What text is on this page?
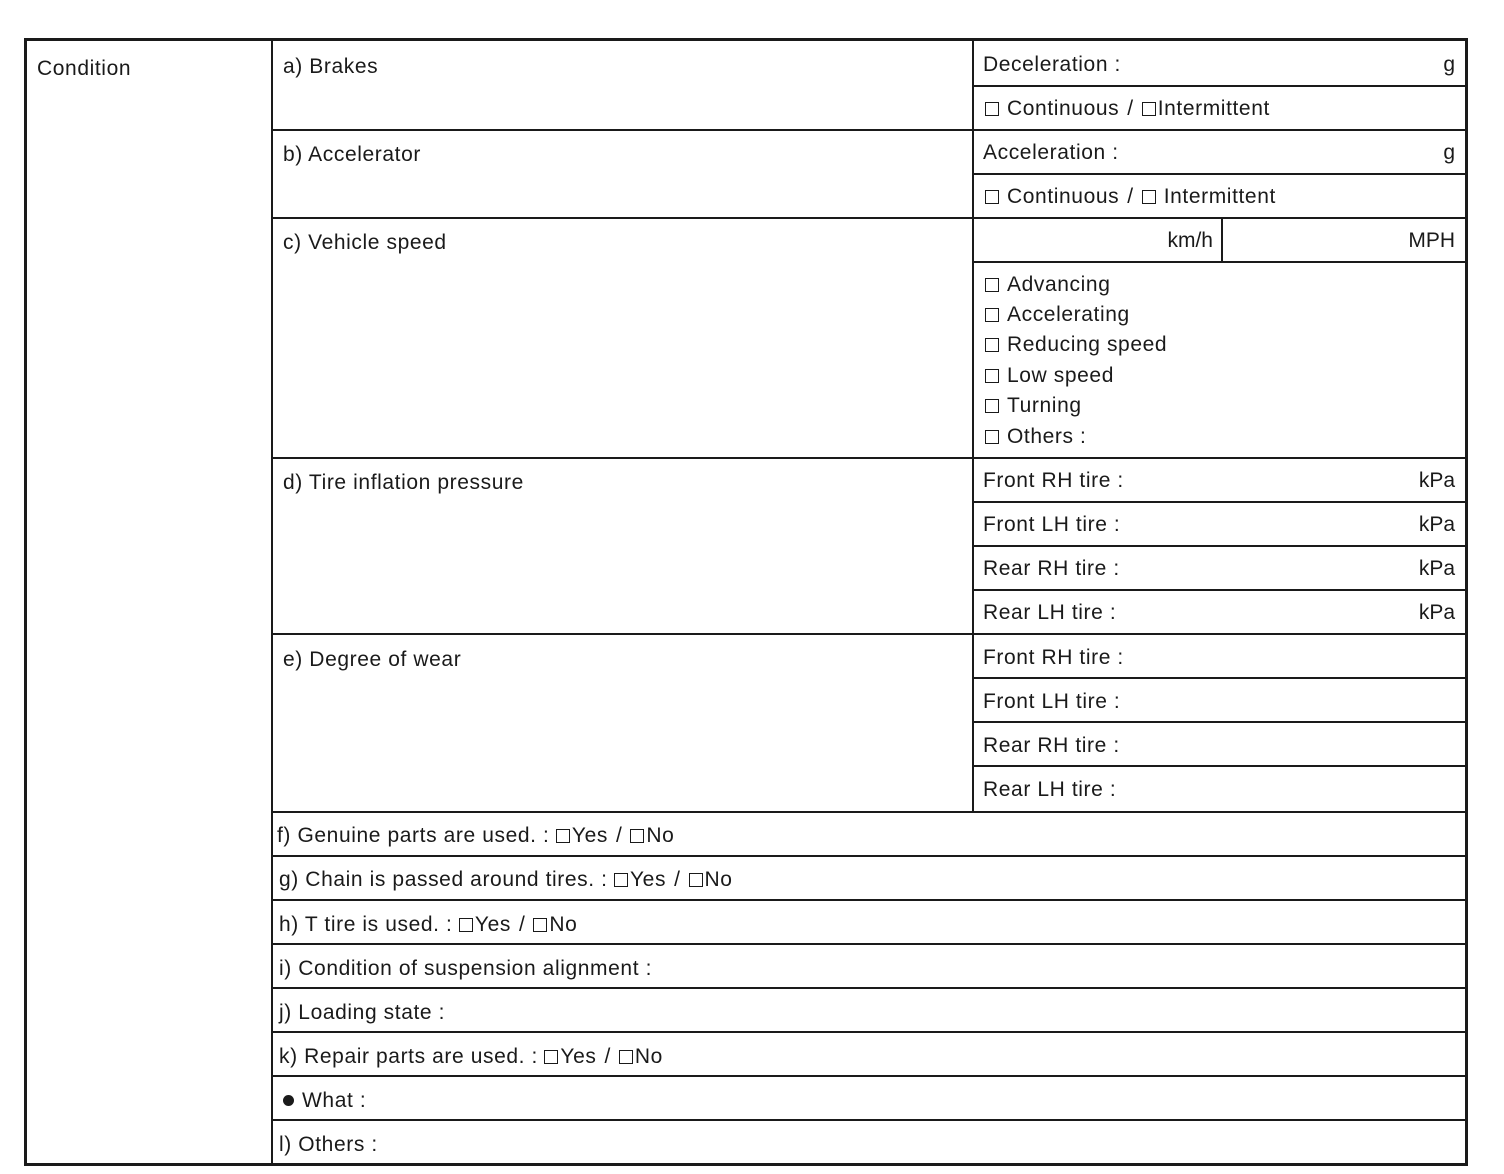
Condition	a) Brakes	Deceleration :	g
Continuous / Intermittent
b) Accelerator	Acceleration :	g
Continuous / Intermittent
c) Vehicle speed	km/h	MPH
Advancing
Accelerating
Reducing speed
Low speed
Turning
Others :
d) Tire inflation pressure	Front RH tire :	kPa
Front LH tire :	kPa
Rear RH tire :	kPa
Rear LH tire :	kPa
e) Degree of wear	Front RH tire :
Front LH tire :
Rear RH tire :
Rear LH tire :
f) Genuine parts are used. : Yes / No
g) Chain is passed around tires. : Yes / No
h) T tire is used. : Yes / No
i) Condition of suspension alignment :
j) Loading state :
k) Repair parts are used. : Yes / No
What :
l) Others :
